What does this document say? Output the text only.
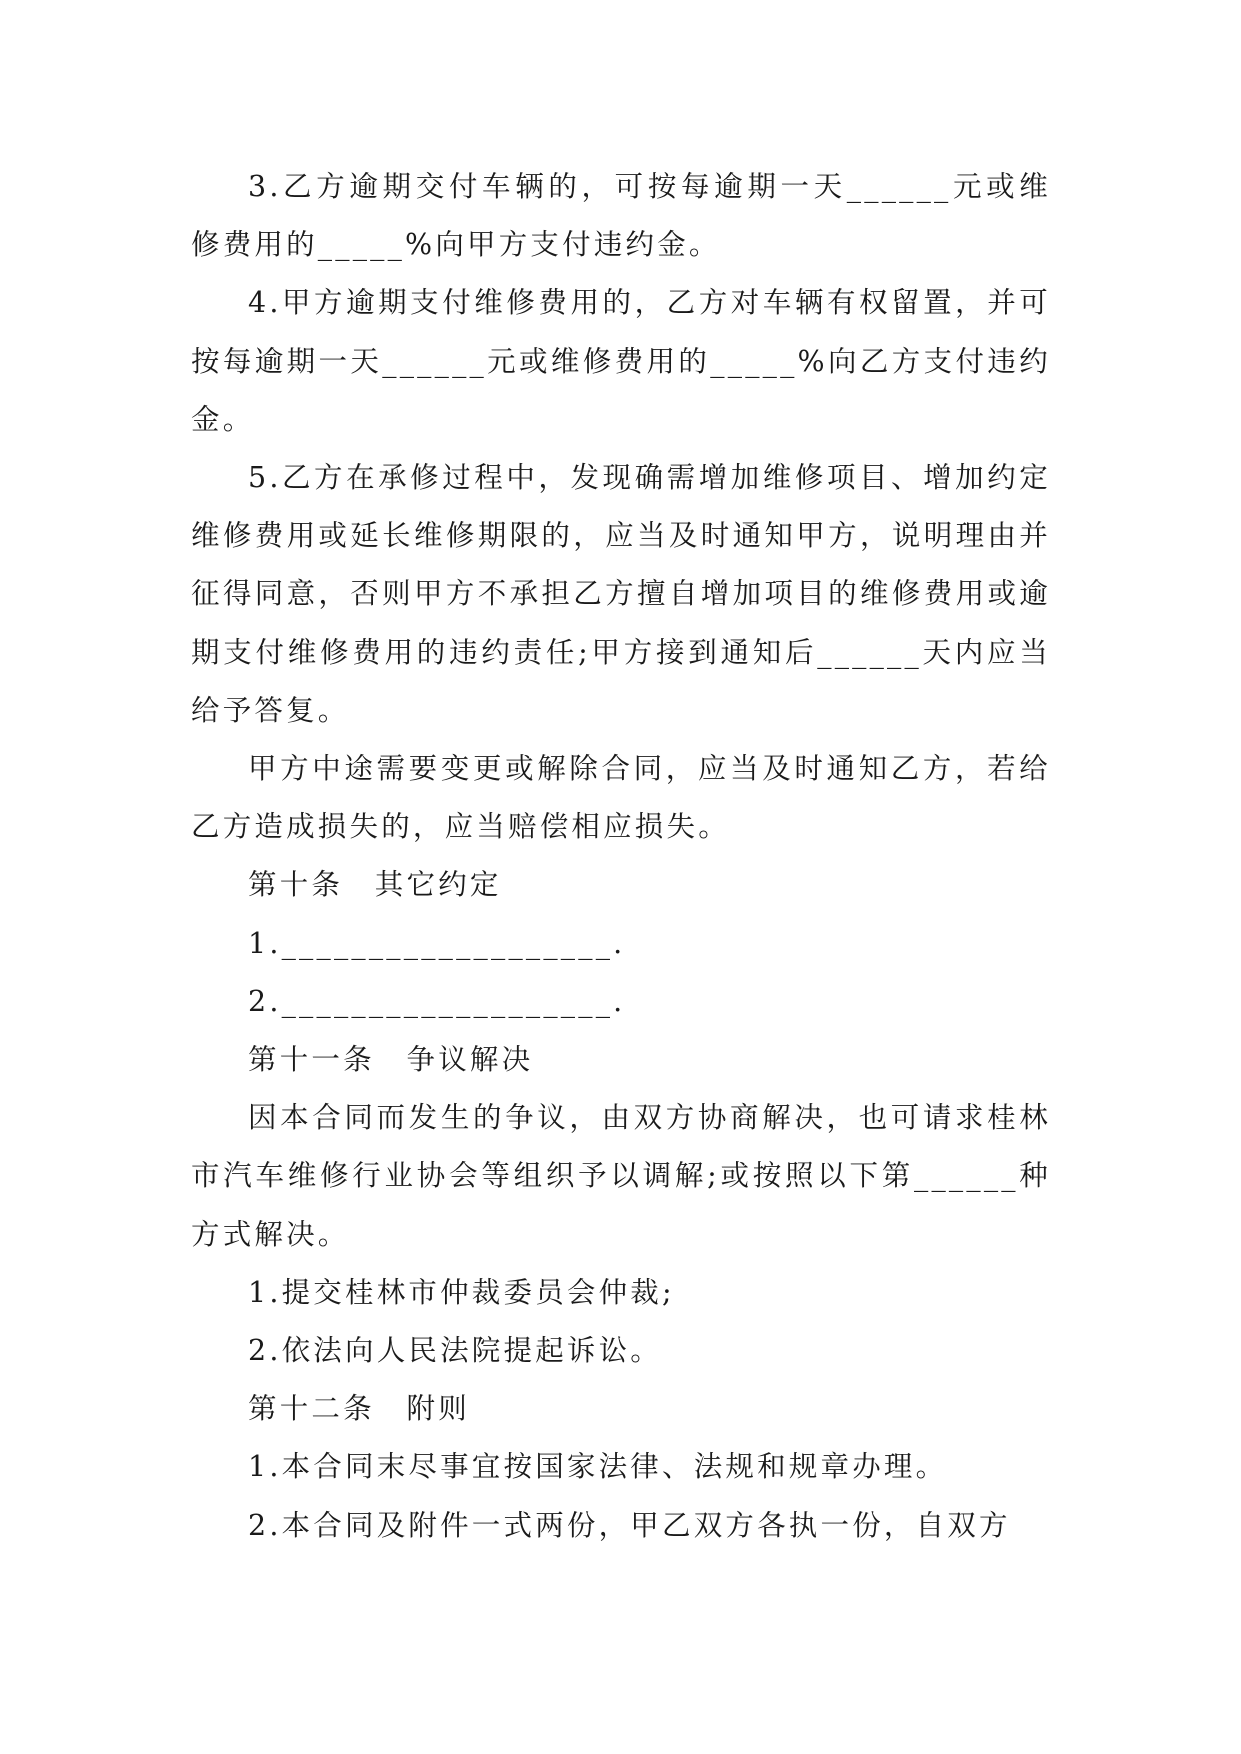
3.乙方逾期交付车辆的，可按每逾期一天______元或维修费用的_____%向甲方支付违约金。

4.甲方逾期支付维修费用的，乙方对车辆有权留置，并可按每逾期一天______元或维修费用的_____%向乙方支付违约金。

5.乙方在承修过程中，发现确需增加维修项目、增加约定维修费用或延长维修期限的，应当及时通知甲方，说明理由并征得同意，否则甲方不承担乙方擅自增加项目的维修费用或逾期支付维修费用的违约责任;甲方接到通知后______天内应当给予答复。

甲方中途需要变更或解除合同，应当及时通知乙方，若给乙方造成损失的，应当赔偿相应损失。

第十条　其它约定

1.___________________.

2.___________________.

第十一条　争议解决

因本合同而发生的争议，由双方协商解决，也可请求桂林市汽车维修行业协会等组织予以调解;或按照以下第______种方式解决。

1.提交桂林市仲裁委员会仲裁;

2.依法向人民法院提起诉讼。

第十二条　附则

1.本合同末尽事宜按国家法律、法规和规章办理。

2.本合同及附件一式两份，甲乙双方各执一份，自双方
